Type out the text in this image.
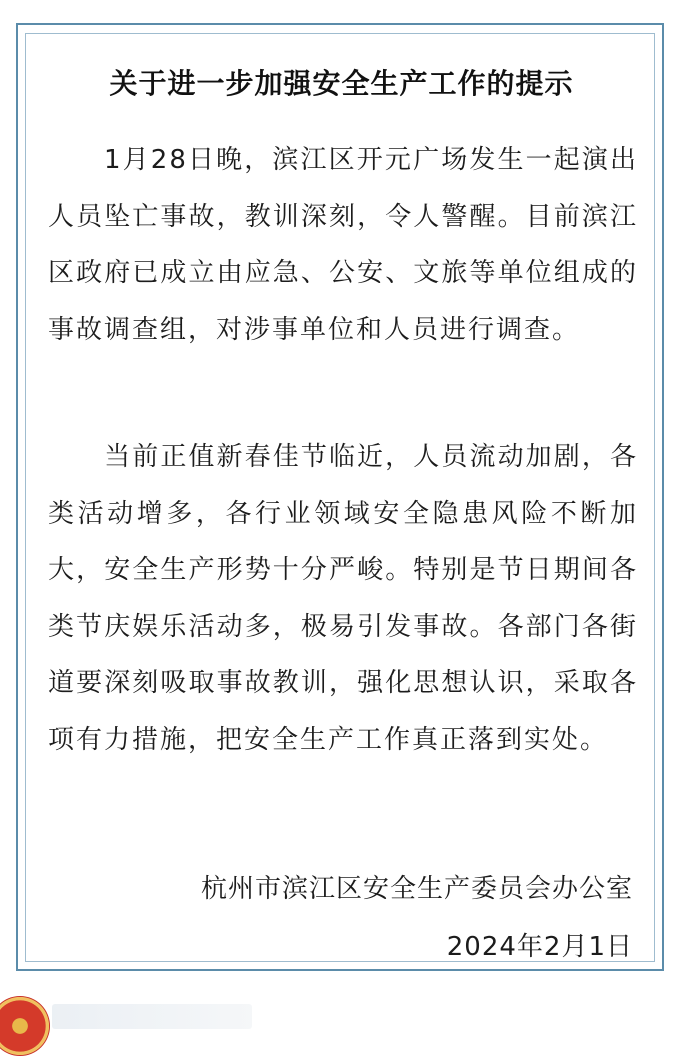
关于进一步加强安全生产工作的提示
1月28日晚，滨江区开元广场发生一起演出人员坠亡事故，教训深刻，令人警醒。目前滨江区政府已成立由应急、公安、文旅等单位组成的事故调查组，对涉事单位和人员进行调查。
当前正值新春佳节临近，人员流动加剧，各类活动增多，各行业领域安全隐患风险不断加大，安全生产形势十分严峻。特别是节日期间各类节庆娱乐活动多，极易引发事故。各部门各街道要深刻吸取事故教训，强化思想认识，采取各项有力措施，把安全生产工作真正落到实处。
杭州市滨江区安全生产委员会办公室
2024年2月1日
